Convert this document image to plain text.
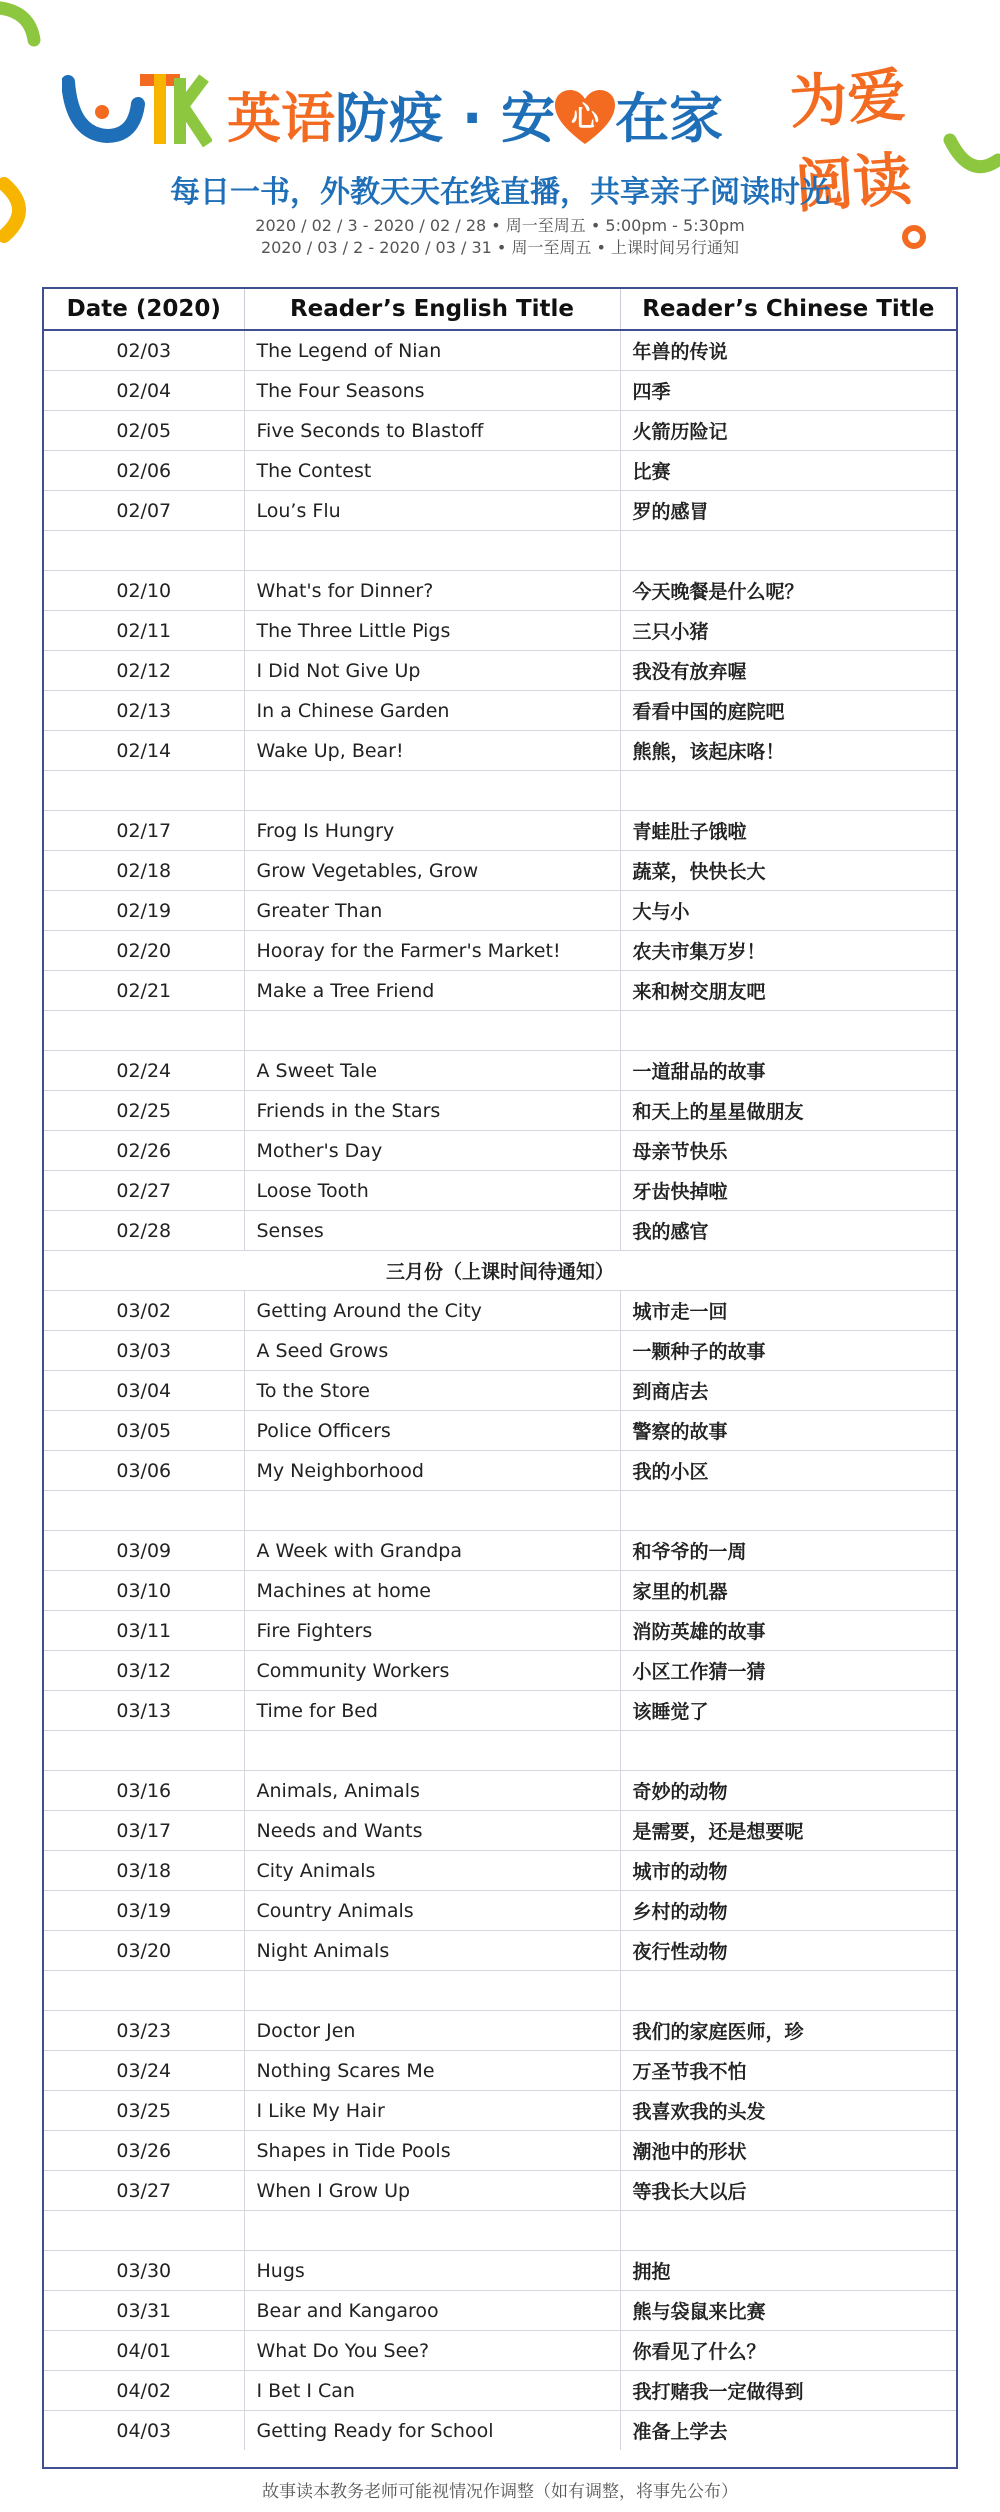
英语防疫 · 安 心 在家 为爱阅读
每日一书，外教天天在线直播，共享亲子阅读时光
2020 / 02 / 3 - 2020 / 02 / 28 • 周一至周五 • 5:00pm - 5:30pm
2020 / 03 / 2 - 2020 / 03 / 31 • 周一至周五 • 上课时间另行通知
Date (2020)	Reader’s English Title	Reader’s Chinese Title
02/03	The Legend of Nian	年兽的传说
02/04	The Four Seasons	四季
02/05	Five Seconds to Blastoff	火箭历险记
02/06	The Contest	比赛
02/07	Lou’s Flu	罗的感冒

02/10	What's for Dinner?	今天晚餐是什么呢？
02/11	The Three Little Pigs	三只小猪
02/12	I Did Not Give Up	我没有放弃喔
02/13	In a Chinese Garden	看看中国的庭院吧
02/14	Wake Up, Bear!	熊熊，该起床咯！

02/17	Frog Is Hungry	青蛙肚子饿啦
02/18	Grow Vegetables, Grow	蔬菜，快快长大
02/19	Greater Than	大与小
02/20	Hooray for the Farmer's Market!	农夫市集万岁！
02/21	Make a Tree Friend	来和树交朋友吧

02/24	A Sweet Tale	一道甜品的故事
02/25	Friends in the Stars	和天上的星星做朋友
02/26	Mother's Day	母亲节快乐
02/27	Loose Tooth	牙齿快掉啦
02/28	Senses	我的感官
三月份（上课时间待通知）		
03/02	Getting Around the City	城市走一回
03/03	A Seed Grows	一颗种子的故事
03/04	To the Store	到商店去
03/05	Police Officers	警察的故事
03/06	My Neighborhood	我的小区

03/09	A Week with Grandpa	和爷爷的一周
03/10	Machines at home	家里的机器
03/11	Fire Fighters	消防英雄的故事
03/12	Community Workers	小区工作猜一猜
03/13	Time for Bed	该睡觉了

03/16	Animals, Animals	奇妙的动物
03/17	Needs and Wants	是需要，还是想要呢
03/18	City Animals	城市的动物
03/19	Country Animals	乡村的动物
03/20	Night Animals	夜行性动物

03/23	Doctor Jen	我们的家庭医师，珍
03/24	Nothing Scares Me	万圣节我不怕
03/25	I Like My Hair	我喜欢我的头发
03/26	Shapes in Tide Pools	潮池中的形状
03/27	When I Grow Up	等我长大以后

03/30	Hugs	拥抱
03/31	Bear and Kangaroo	熊与袋鼠来比赛
04/01	What Do You See?	你看见了什么？
04/02	I Bet I Can	我打赌我一定做得到
04/03	Getting Ready for School	准备上学去
故事读本教务老师可能视情况作调整（如有调整，将事先公布）
